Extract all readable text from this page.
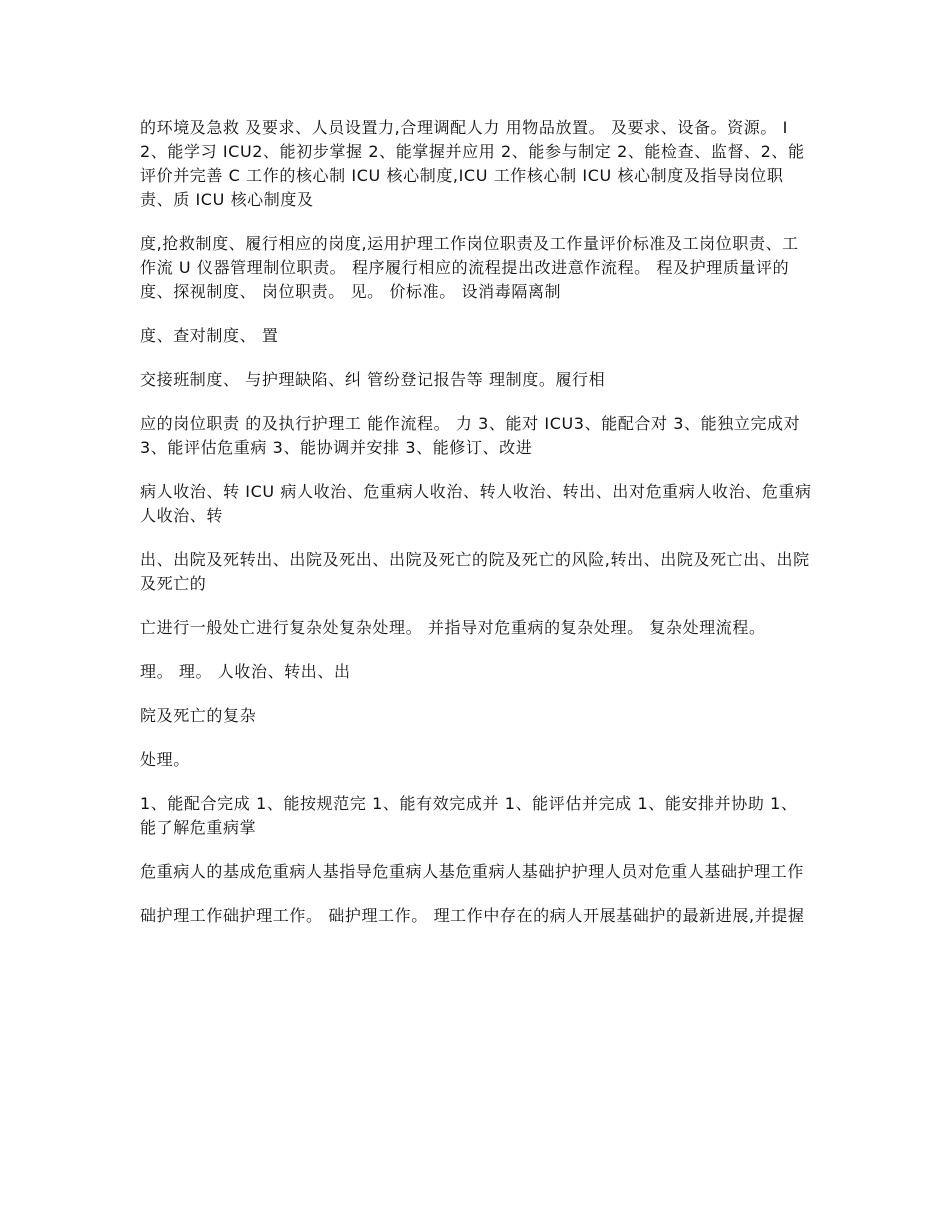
的环境及急救 及要求、人员设置力,合理调配人力 用物品放置。 及要求、设备。资源。 I 2、能学习 ICU2、能初步掌握 2、能掌握并应用 2、能参与制定 2、能检查、监督、2、能评价并完善 C 工作的核心制 ICU 核心制度,ICU 工作核心制 ICU 核心制度及指导岗位职责、质 ICU 核心制度及

度,抢救制度、履行相应的岗度,运用护理工作岗位职责及工作量评价标准及工岗位职责、工作流 U 仪器管理制位职责。 程序履行相应的流程提出改进意作流程。 程及护理质量评的度、探视制度、 岗位职责。 见。 价标准。 设消毒隔离制

度、查对制度、 置

交接班制度、 与护理缺陷、纠 管纷登记报告等 理制度。履行相

应的岗位职责 的及执行护理工 能作流程。 力 3、能对 ICU3、能配合对 3、能独立完成对 3、能评估危重病 3、能协调并安排 3、能修订、改进

病人收治、转 ICU 病人收治、危重病人收治、转人收治、转出、出对危重病人收治、危重病人收治、转

出、出院及死转出、出院及死出、出院及死亡的院及死亡的风险,转出、出院及死亡出、出院及死亡的

亡进行一般处亡进行复杂处复杂处理。 并指导对危重病的复杂处理。 复杂处理流程。

理。 理。 人收治、转出、出

院及死亡的复杂

处理。

1、能配合完成 1、能按规范完 1、能有效完成并 1、能评估并完成 1、能安排并协助 1、能了解危重病掌

危重病人的基成危重病人基指导危重病人基危重病人基础护护理人员对危重人基础护理工作

础护理工作础护理工作。 础护理工作。 理工作中存在的病人开展基础护的最新进展,并提握
